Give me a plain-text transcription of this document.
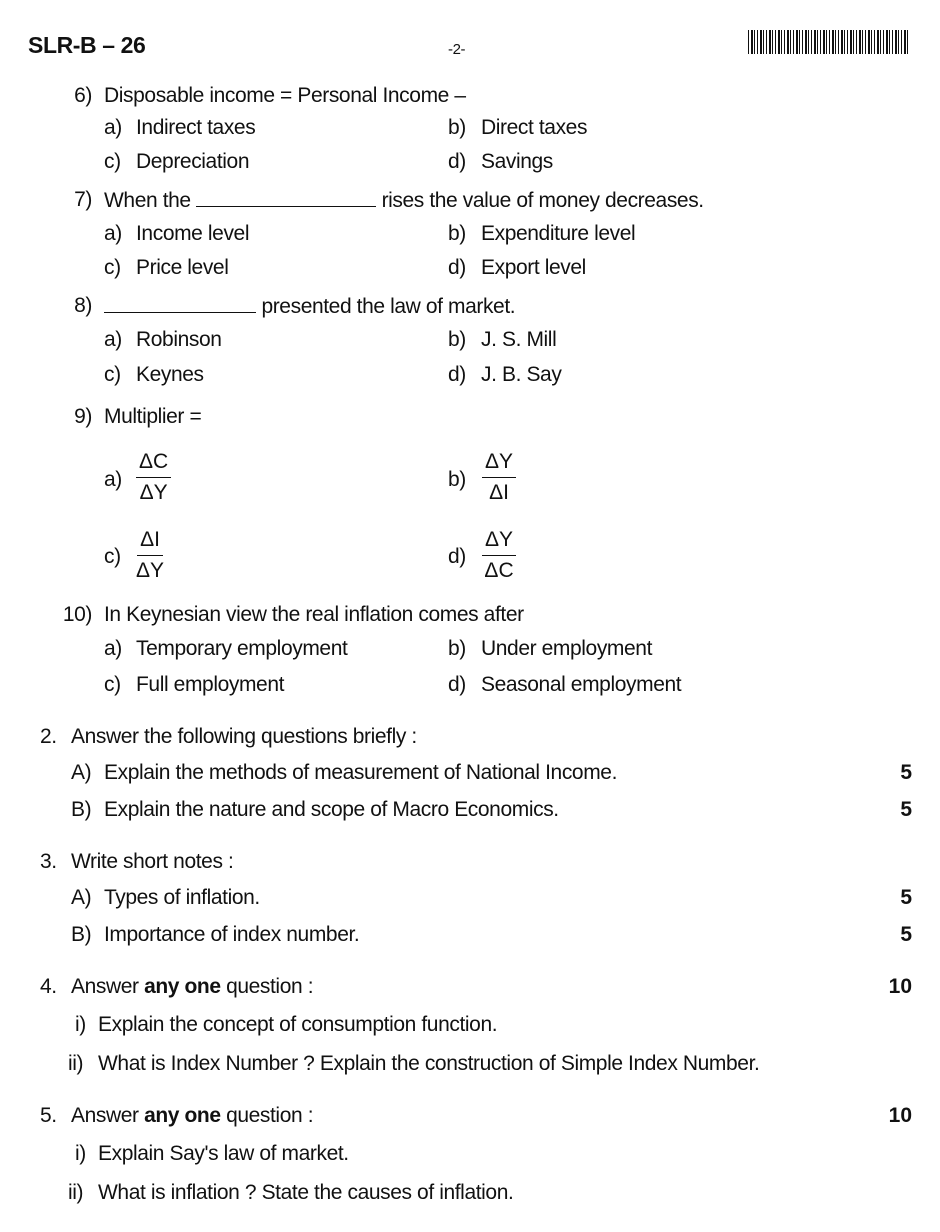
SLR-B – 26	-2-
6) Disposable income = Personal Income –
a) Indirect taxes	b) Direct taxes
c) Depreciation	d) Savings
7) When the	rises the value of money decreases.
a) Income level	b) Expenditure level
c) Price level	d) Export level
8)	presented the law of market.
a) Robinson	b) J. S. Mill
c) Keynes	d) J. B. Say
9) Multiplier =
$a) \frac{\Delta C}{\Delta Y}$	$b) \frac{\Delta Y}{\Delta I}$
$c) \frac{\Delta I}{\Delta Y}$	$d) \frac{\Delta Y}{\Delta C}$
10) In Keynesian view the real inflation comes after
a) Temporary employment	b) Under employment
c) Full employment	d) Seasonal employment
2. Answer the following questions briefly :
A) Explain the methods of measurement of National Income.	5
B) Explain the nature and scope of Macro Economics.	5
3. Write short notes :
A) Types of inflation.	5
B) Importance of index number.	5
4. Answer any one question :	10
i) Explain the concept of consumption function.
ii) What is Index Number ? Explain the construction of Simple Index Number.
5. Answer any one question :	10
i) Explain Say's law of market.
ii) What is inflation ? State the causes of inflation.
